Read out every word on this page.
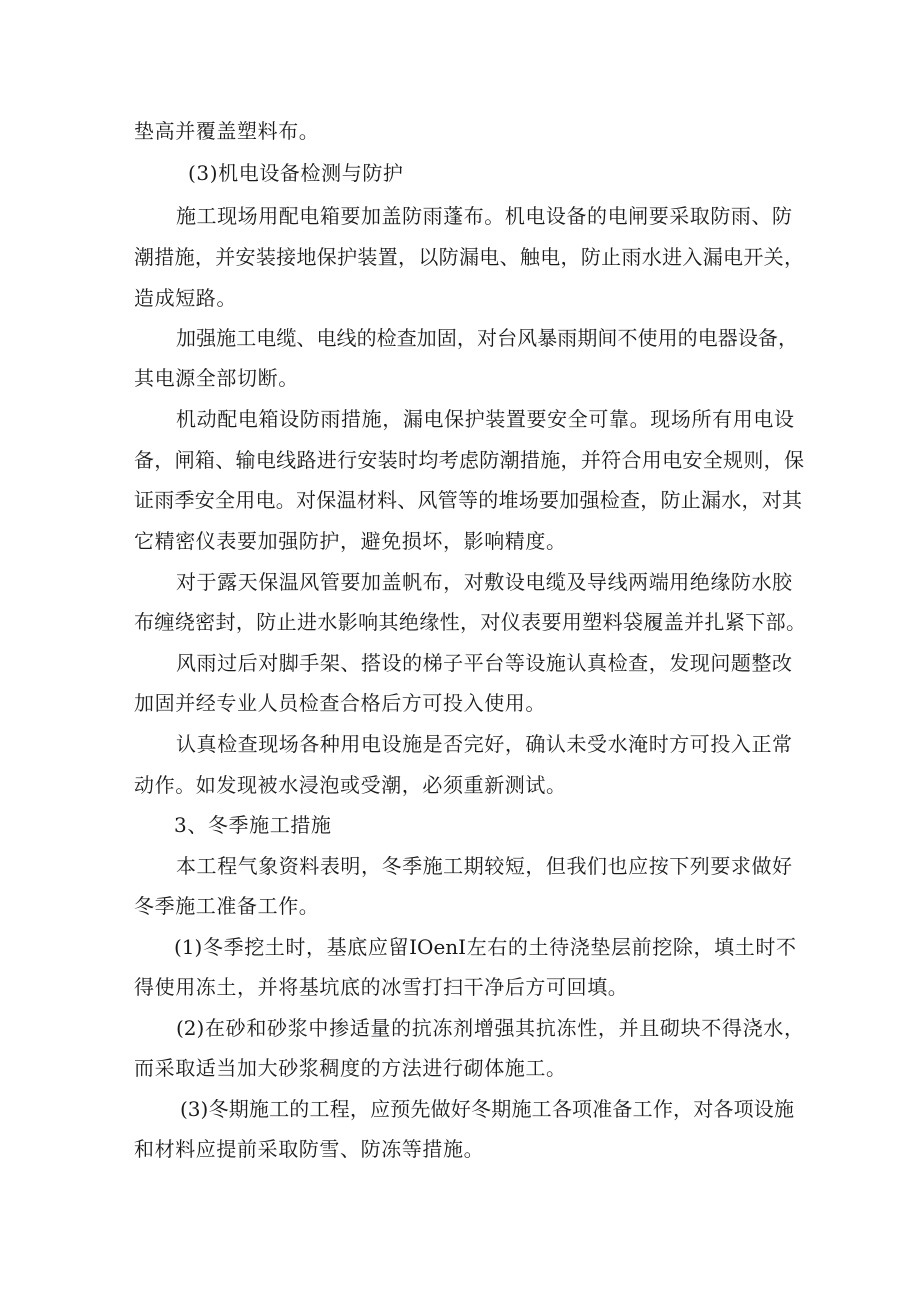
垫高并覆盖塑料布。
(3)机电设备检测与防护
施工现场用配电箱要加盖防雨蓬布。机电设备的电闸要采取防雨、防
潮措施，并安装接地保护装置，以防漏电、触电，防止雨水进入漏电开关，
造成短路。
加强施工电缆、电线的检查加固，对台风暴雨期间不使用的电器设备，
其电源全部切断。
机动配电箱设防雨措施，漏电保护装置要安全可靠。现场所有用电设
备，闸箱、输电线路进行安装时均考虑防潮措施，并符合用电安全规则，保
证雨季安全用电。对保温材料、风管等的堆场要加强检查，防止漏水，对其
它精密仪表要加强防护，避免损坏，影响精度。
对于露天保温风管要加盖帆布，对敷设电缆及导线两端用绝缘防水胶
布缠绕密封，防止进水影响其绝缘性，对仪表要用塑料袋履盖并扎紧下部。
风雨过后对脚手架、搭设的梯子平台等设施认真检查，发现问题整改
加固并经专业人员检查合格后方可投入使用。
认真检查现场各种用电设施是否完好，确认未受水淹时方可投入正常
动作。如发现被水浸泡或受潮，必须重新测试。
3、冬季施工措施
本工程气象资料表明，冬季施工期较短，但我们也应按下列要求做好
冬季施工准备工作。
(1)冬季挖土时，基底应留IOenI左右的土待浇垫层前挖除，填土时不
得使用冻土，并将基坑底的冰雪打扫干净后方可回填。
(2)在砂和砂浆中掺适量的抗冻剂增强其抗冻性，并且砌块不得浇水，
而采取适当加大砂浆稠度的方法进行砌体施工。
(3)冬期施工的工程，应预先做好冬期施工各项准备工作，对各项设施
和材料应提前采取防雪、防冻等措施。
